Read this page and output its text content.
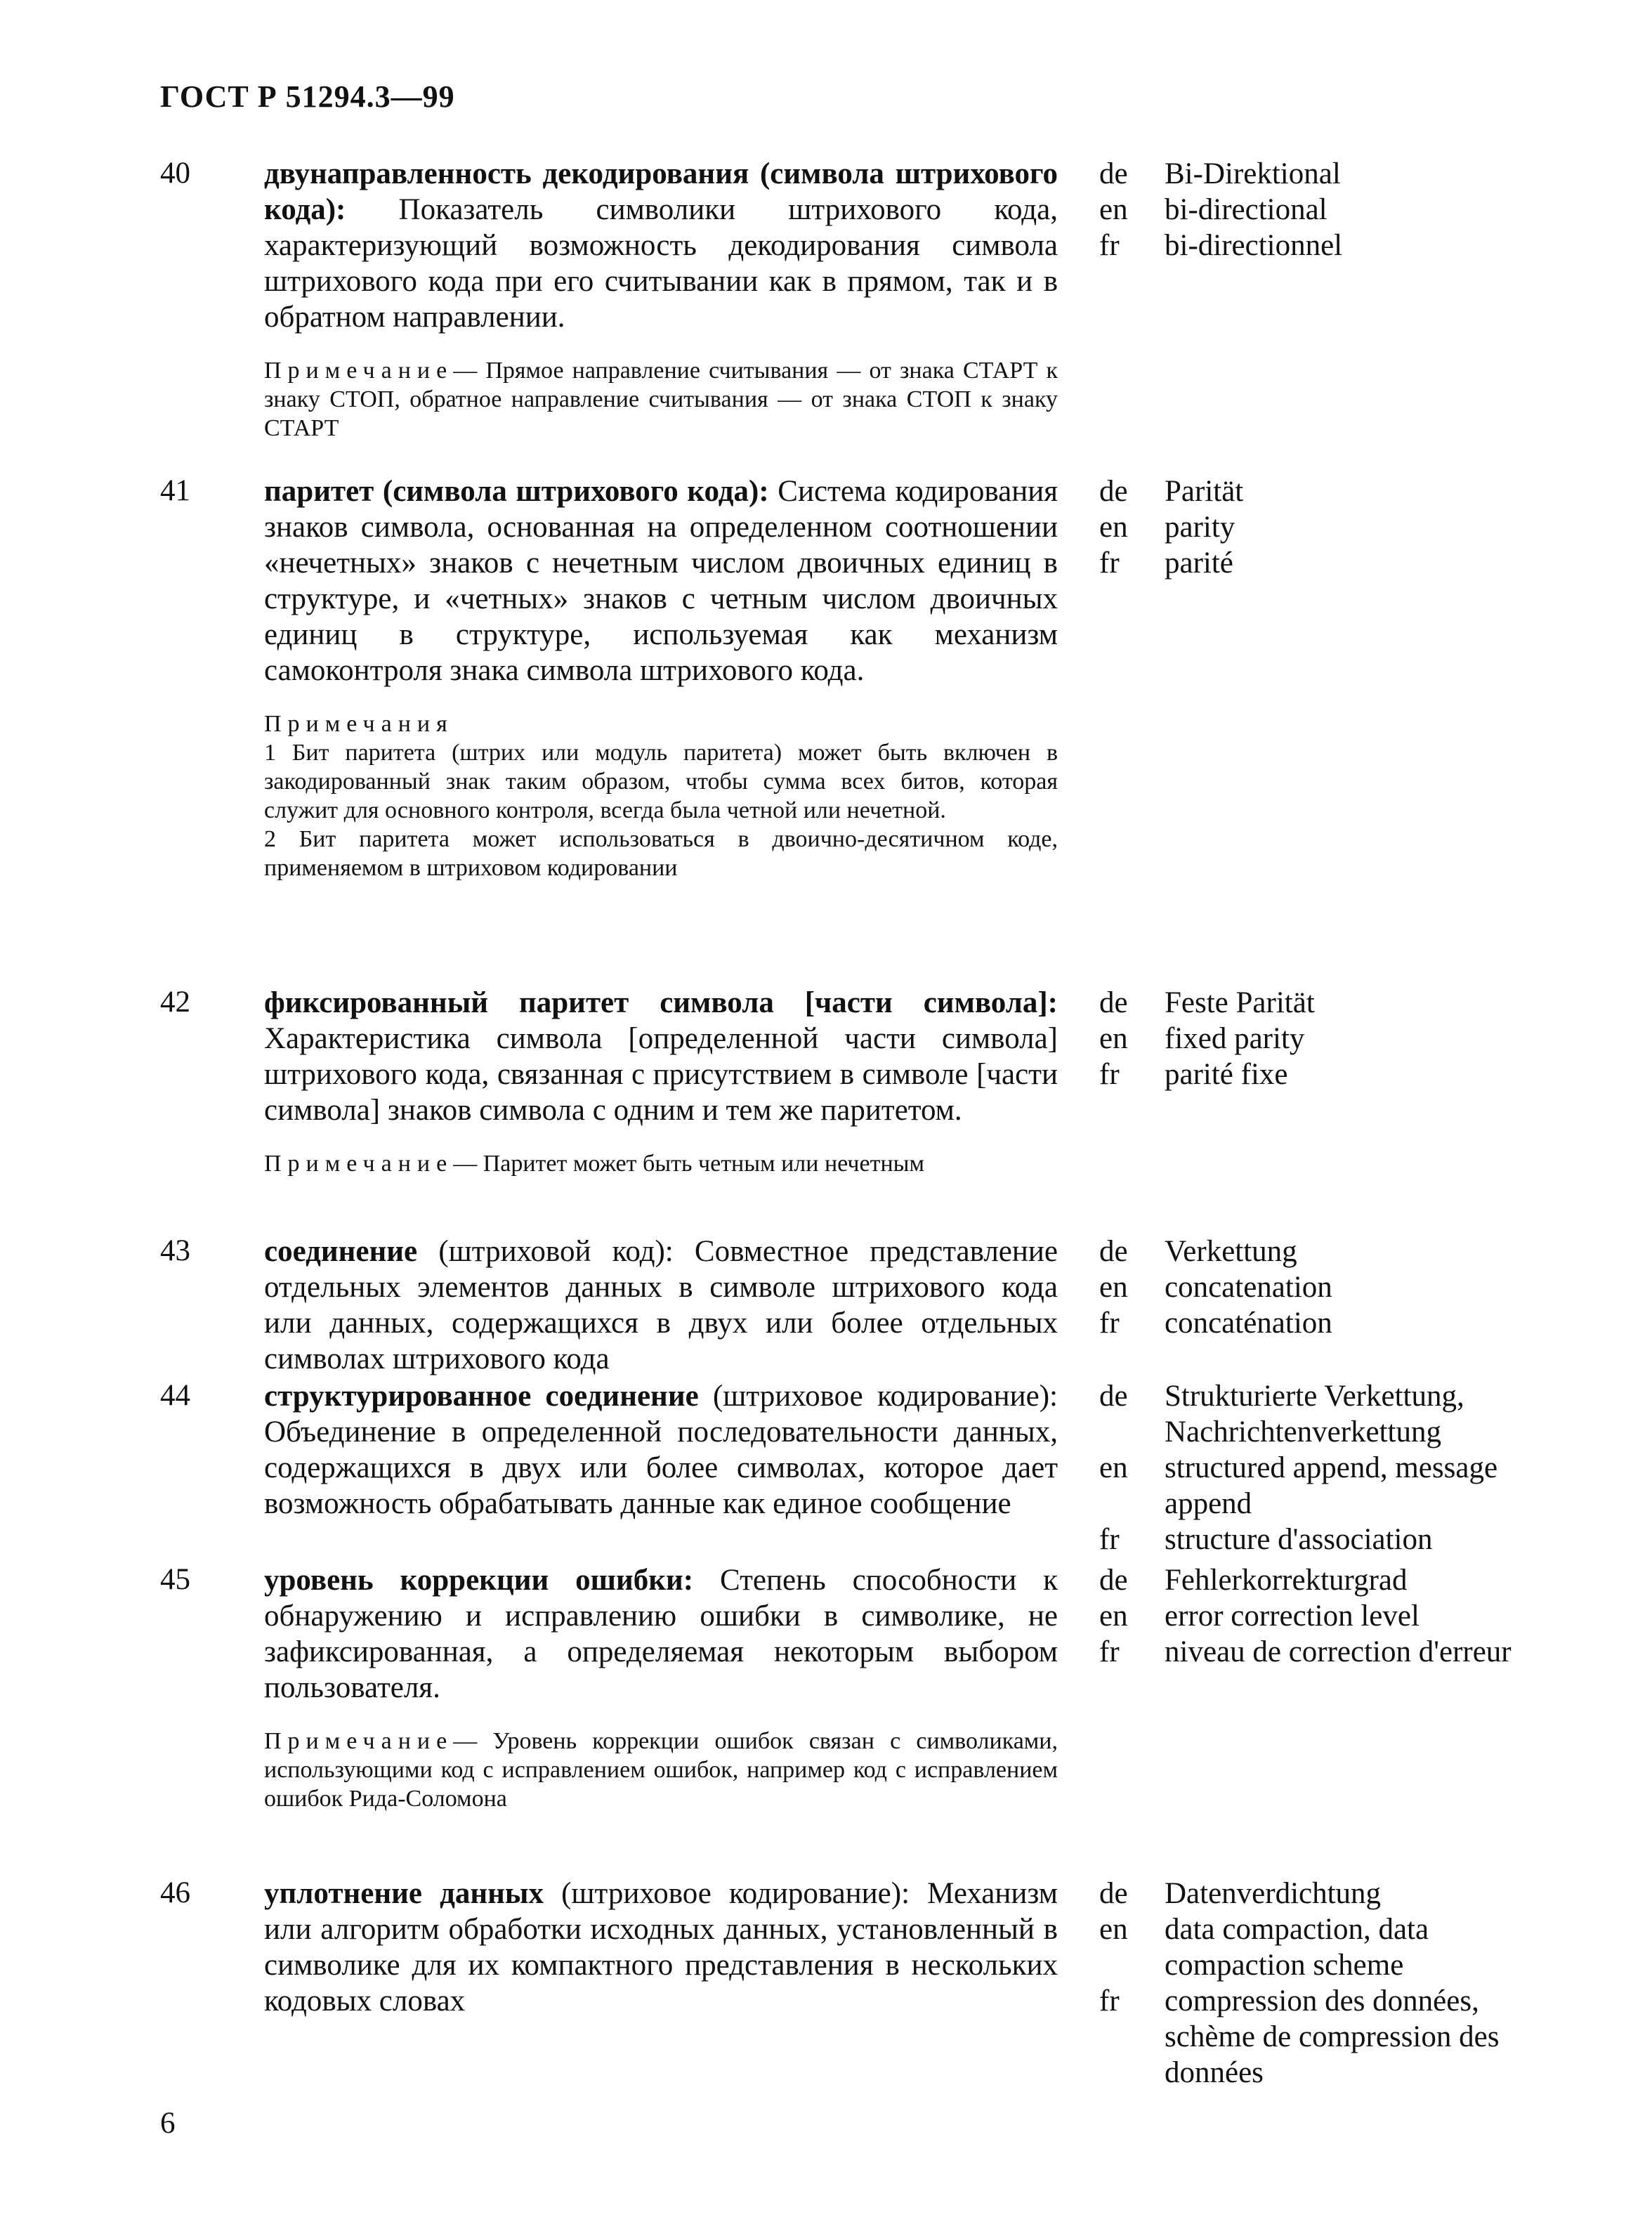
ГОСТ Р 51294.3—99
40 двунаправленность декодирования (символа штрихового кода): Показатель символики штрихового кода, характеризующий возможность декодирования символа штрихового кода при его считывании как в прямом, так и в обратном направлении.
Примечание— Прямое направление считывания — от знака СТАРТ к знаку СТОП, обратное направление считывания — от знака СТОП к знаку СТАРТ
de
en
fr
Bi-Direktional
bi-directional
bi-directionnel
41 паритет (символа штрихового кода): Система кодирования знаков символа, основанная на определенном соотношении «нечетных» знаков с нечетным числом двоичных единиц в структуре, и «четных» знаков с четным числом двоичных единиц в структуре, используемая как механизм самоконтроля знака символа штрихового кода.
Примечания
1 Бит паритета (штрих или модуль паритета) может быть включен в закодированный знак таким образом, чтобы сумма всех битов, которая служит для основного контроля, всегда была четной или нечетной.
2 Бит паритета может использоваться в двоично-десятичном коде, применяемом в штриховом кодировании
de
en
fr
Parität
parity
parité
42 фиксированный паритет символа [части символа]: Характеристика символа [определенной части символа] штрихового кода, связанная с присутствием в символе [части символа] знаков символа с одним и тем же паритетом.
Примечание— Паритет может быть четным или нечетным
de
en
fr
Feste Parität
fixed parity
parité fixe
43 соединение (штриховой код): Совместное представление отдельных элементов данных в символе штрихового кода или данных, содержащихся в двух или более отдельных символах штрихового кода
de
en
fr
Verkettung
concatenation
concaténation
44 структурированное соединение (штриховое кодирование): Объединение в определенной последовательности данных, содержащихся в двух или более символах, которое дает возможность обрабатывать данные как единое сообщение
de
en
fr
Strukturierte Verkettung,
Nachrichtenverkettung
structured append, message
append
structure d'association
45 уровень коррекции ошибки: Степень способности к обнаружению и исправлению ошибки в символике, не зафиксированная, а определяемая некоторым выбором пользователя.
Примечание— Уровень коррекции ошибок связан с символиками, использующими код с исправлением ошибок, например код с исправлением ошибок Рида-Соломона
de
en
fr
Fehlerkorrekturgrad
error correction level
niveau de correction d'erreur
46 уплотнение данных (штриховое кодирование): Механизм или алгоритм обработки исходных данных, установленный в символике для их компактного представления в нескольких кодовых словах
de
en
fr
Datenverdichtung
data compaction, data
compaction scheme
compression des données,
schème de compression des
données
6
